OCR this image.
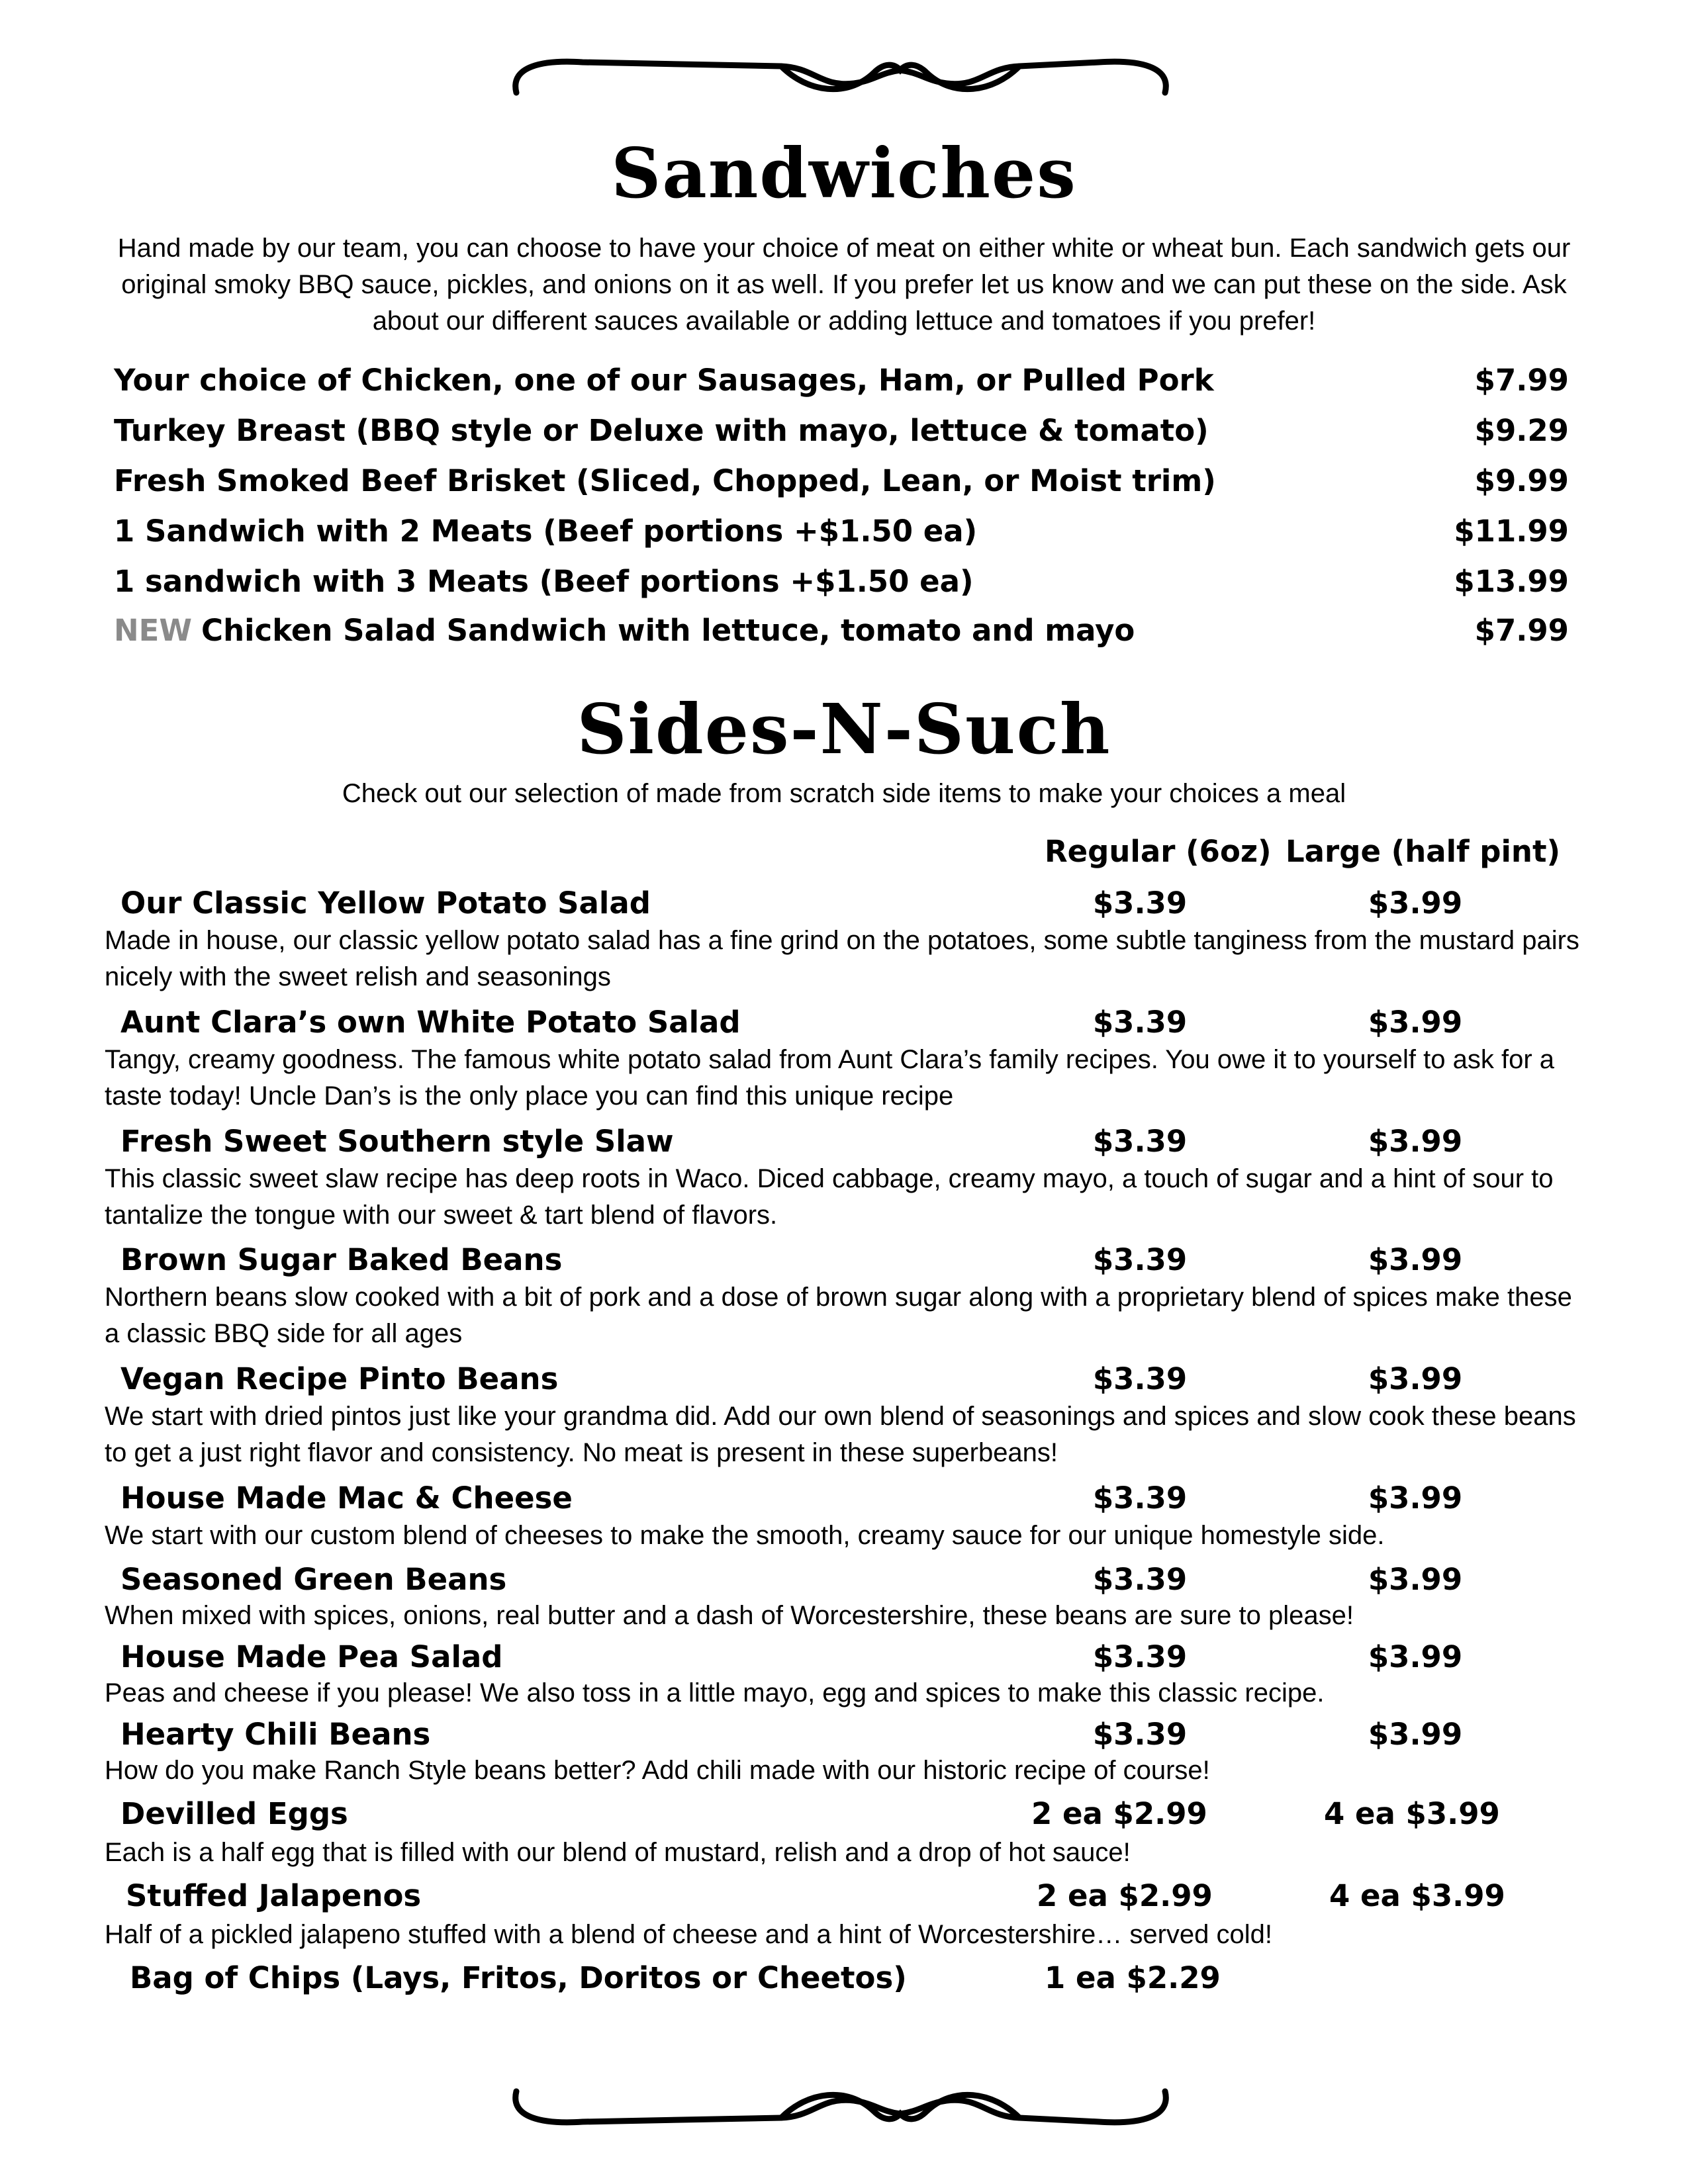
Sandwiches
Hand made by our team, you can choose to have your choice of meat on either white or wheat bun. Each sandwich gets our original smoky BBQ sauce, pickles, and onions on it as well. If you prefer let us know and we can put these on the side. Ask about our different sauces available or adding lettuce and tomatoes if you prefer!
Your choice of Chicken, one of our Sausages, Ham, or Pulled Pork	$7.99
Turkey Breast (BBQ style or Deluxe with mayo, lettuce & tomato)	$9.29
Fresh Smoked Beef Brisket (Sliced, Chopped, Lean, or Moist trim)	$9.99
1 Sandwich with 2 Meats (Beef portions +$1.50 ea)	$11.99
1 sandwich with 3 Meats (Beef portions +$1.50 ea)	$13.99
NEW Chicken Salad Sandwich with lettuce, tomato and mayo	$7.99
Sides-N-Such
Check out our selection of made from scratch side items to make your choices a meal
Regular (6oz) Large (half pint)
Our Classic Yellow Potato Salad	$3.39	$3.99
Made in house, our classic yellow potato salad has a fine grind on the potatoes, some subtle tanginess from the mustard pairs nicely with the sweet relish and seasonings
Aunt Clara’s own White Potato Salad	$3.39	$3.99
Tangy, creamy goodness. The famous white potato salad from Aunt Clara’s family recipes. You owe it to yourself to ask for a taste today! Uncle Dan’s is the only place you can find this unique recipe
Fresh Sweet Southern style Slaw	$3.39	$3.99
This classic sweet slaw recipe has deep roots in Waco. Diced cabbage, creamy mayo, a touch of sugar and a hint of sour to tantalize the tongue with our sweet & tart blend of flavors.
Brown Sugar Baked Beans	$3.39	$3.99
Northern beans slow cooked with a bit of pork and a dose of brown sugar along with a proprietary blend of spices make these a classic BBQ side for all ages
Vegan Recipe Pinto Beans	$3.39	$3.99
We start with dried pintos just like your grandma did. Add our own blend of seasonings and spices and slow cook these beans to get a just right flavor and consistency. No meat is present in these superbeans!
House Made Mac & Cheese	$3.39	$3.99
We start with our custom blend of cheeses to make the smooth, creamy sauce for our unique homestyle side.
Seasoned Green Beans	$3.39	$3.99
When mixed with spices, onions, real butter and a dash of Worcestershire, these beans are sure to please!
House Made Pea Salad	$3.39	$3.99
Peas and cheese if you please! We also toss in a little mayo, egg and spices to make this classic recipe.
Hearty Chili Beans	$3.39	$3.99
How do you make Ranch Style beans better? Add chili made with our historic recipe of course!
Devilled Eggs	2 ea $2.99	4 ea $3.99
Each is a half egg that is filled with our blend of mustard, relish and a drop of hot sauce!
Stuffed Jalapenos	2 ea $2.99	4 ea $3.99
Half of a pickled jalapeno stuffed with a blend of cheese and a hint of Worcestershire… served cold!
Bag of Chips (Lays, Fritos, Doritos or Cheetos)	1 ea $2.29
